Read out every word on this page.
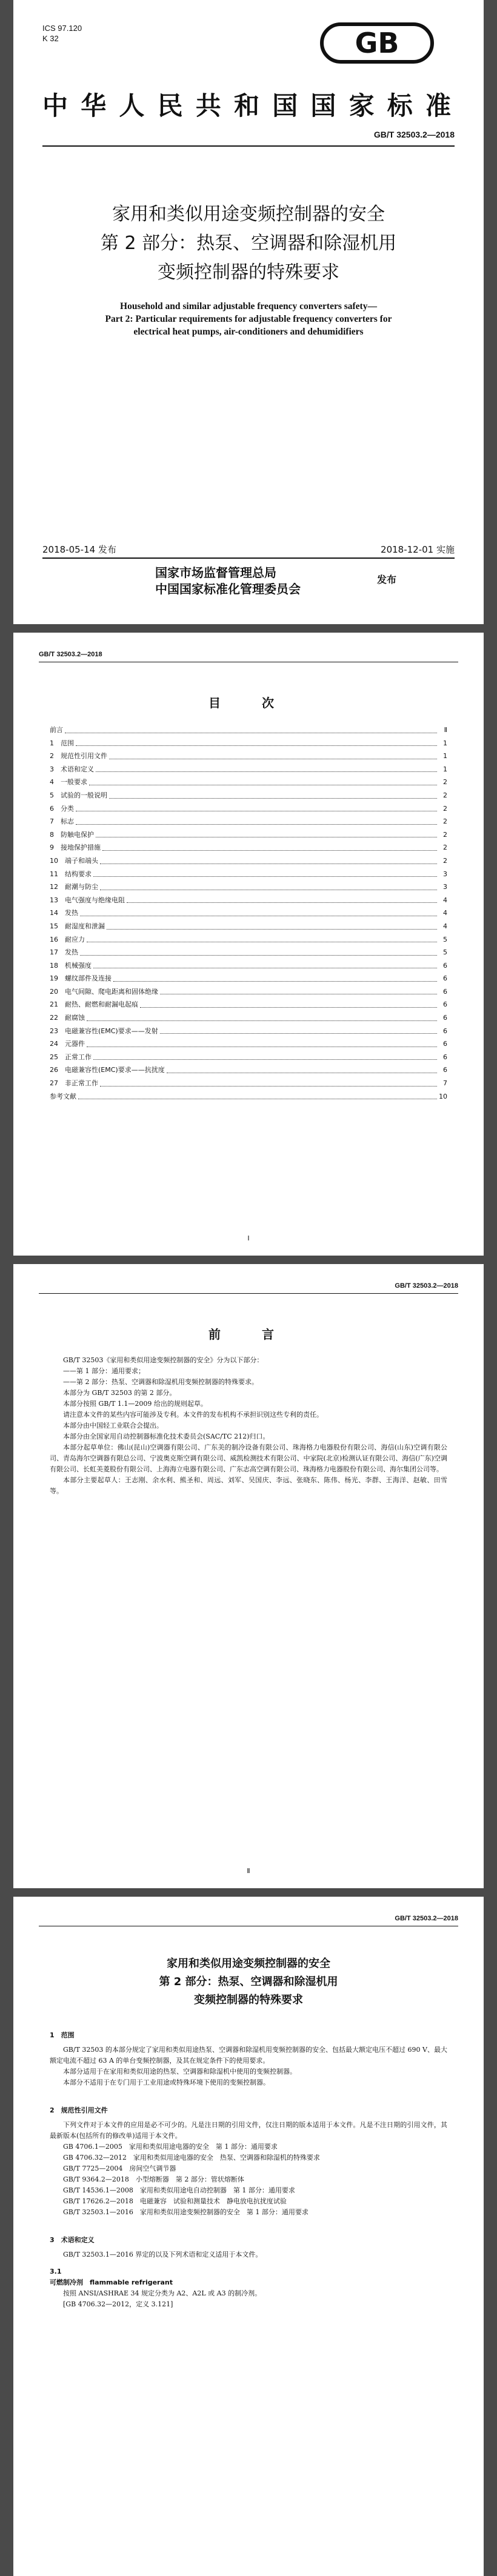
ICS 97.120
K 32	GB
中华人民共和国国家标准
GB/T 32503.2—2018
家用和类似用途变频控制器的安全
第 2 部分：热泵、空调器和除湿机用
变频控制器的特殊要求
Household and similar adjustable frequency converters safety—
Part 2: Particular requirements for adjustable frequency converters for
electrical heat pumps, air-conditioners and dehumidifiers
2018-05-14 发布	2018-12-01 实施
国家市场监督管理总局
中国国家标准化管理委员会
发布
GB/T 32503.2—2018
目　次
前言	Ⅱ
1　范围	1
2　规范性引用文件	1
3　术语和定义	1
4　一般要求	2
5　试验的一般说明	2
6　分类	2
7　标志	2
8　防触电保护	2
9　接地保护措施	2
10　端子和端头	2
11　结构要求	3
12　耐潮与防尘	3
13　电气强度与绝缘电阻	4
14　发热	4
15　耐湿度和泄漏	4
16　耐应力	5
17　发热	5
18　机械强度	6
19　螺纹部件及连接	6
20　电气间隙、爬电距离和固体绝缘	6
21　耐热、耐燃和耐漏电起痕	6
22　耐腐蚀	6
23　电磁兼容性(EMC)要求——发射	6
24　元器件	6
25　正常工作	6
26　电磁兼容性(EMC)要求——抗扰度	6
27　非正常工作	7
参考文献	10
Ⅰ
GB/T 32503.2—2018
前　言

GB/T 32503《家用和类似用途变频控制器的安全》分为以下部分：

——第 1 部分：通用要求；

——第 2 部分：热泵、空调器和除湿机用变频控制器的特殊要求。

本部分为 GB/T 32503 的第 2 部分。

本部分按照 GB/T 1.1—2009 给出的规则起草。

请注意本文件的某些内容可能涉及专利。本文件的发布机构不承担识别这些专利的责任。

本部分由中国轻工业联合会提出。

本部分由全国家用自动控制器标准化技术委员会(SAC/TC 212)归口。

本部分起草单位：佛山(昆山)空调器有限公司、广东美的制冷设备有限公司、珠海格力电器股份有限公司、海信(山东)空调有限公司、青岛海尔空调器有限总公司、宁波奥克斯空调有限公司、威凯检测技术有限公司、中家院(北京)检测认证有限公司、海信(广东)空调有限公司、长虹美菱股份有限公司、上海海立电器有限公司、广东志高空调有限公司、珠海格力电器股份有限公司、海尔集团公司等。

本部分主要起草人：王志刚、余水利、熊圣和、周远、刘军、吴国庆、李远、张晓东、陈伟、杨光、李群、王海洋、赵敏、田雪等。

Ⅱ
GB/T 32503.2—2018
家用和类似用途变频控制器的安全
第 2 部分：热泵、空调器和除湿机用
变频控制器的特殊要求

1　范围

GB/T 32503 的本部分规定了家用和类似用途热泵、空调器和除湿机用变频控制器的安全、包括最大额定电压不超过 690 V、最大额定电流不超过 63 A 的单台变频控制器，及其在规定条件下的使用要求。

本部分适用于在家用和类似用途的热泵、空调器和除湿机中使用的变频控制器。

本部分不适用于在专门用于工业用途或特殊环境下使用的变频控制器。

2　规范性引用文件

下列文件对于本文件的应用是必不可少的。凡是注日期的引用文件，仅注日期的版本适用于本文件。凡是不注日期的引用文件，其最新版本(包括所有的修改单)适用于本文件。

GB 4706.1—2005　家用和类似用途电器的安全　第 1 部分：通用要求

GB 4706.32—2012　家用和类似用途电器的安全　热泵、空调器和除湿机的特殊要求

GB/T 7725—2004　房间空气调节器

GB/T 9364.2—2018　小型熔断器　第 2 部分：管状熔断体

GB/T 14536.1—2008　家用和类似用途电自动控制器　第 1 部分：通用要求

GB/T 17626.2—2018　电磁兼容　试验和测量技术　静电放电抗扰度试验

GB/T 32503.1—2016　家用和类似用途变频控制器的安全　第 1 部分：通用要求

3　术语和定义

GB/T 32503.1—2016 界定的以及下列术语和定义适用于本文件。

3.1

可燃制冷剂　flammable refrigerant

按照 ANSI/ASHRAE 34 规定分类为 A2、A2L 或 A3 的制冷剂。

[GB 4706.32—2012，定义 3.121]
